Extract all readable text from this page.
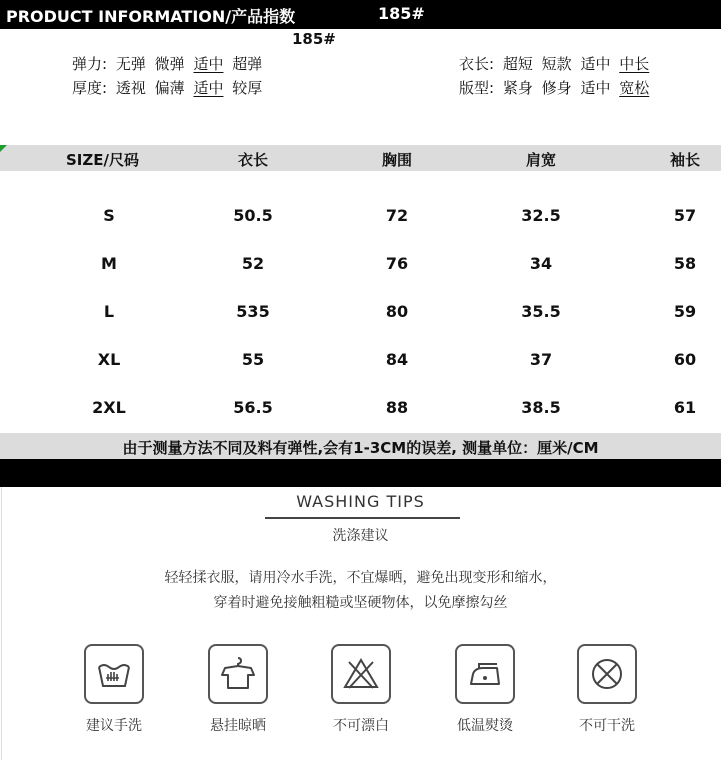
PRODUCT INFORMATION/产品指数	185#
185#
弹力: 无弹 微弹 适中 超弹
厚度: 透视 偏薄 适中 较厚
衣长: 超短 短款 适中 中长
版型: 紧身 修身 适中 宽松
SIZE/尺码	衣长	胸围	肩宽	袖长
S	50.5	72	32.5	57
M	52	76	34	58
L	535	80	35.5	59
XL	55	84	37	60
2XL	56.5	88	38.5	61
由于测量方法不同及料有弹性,会有1-3CM的误差, 测量单位：厘米/CM
WASHING TIPS
洗涤建议
轻轻揉衣服，请用冷水手洗，不宜爆晒，避免出现变形和缩水，
穿着时避免接触粗糙或坚硬物体，以免摩擦勾丝
建议手洗	悬挂晾晒	不可漂白	低温熨烫	不可干洗
